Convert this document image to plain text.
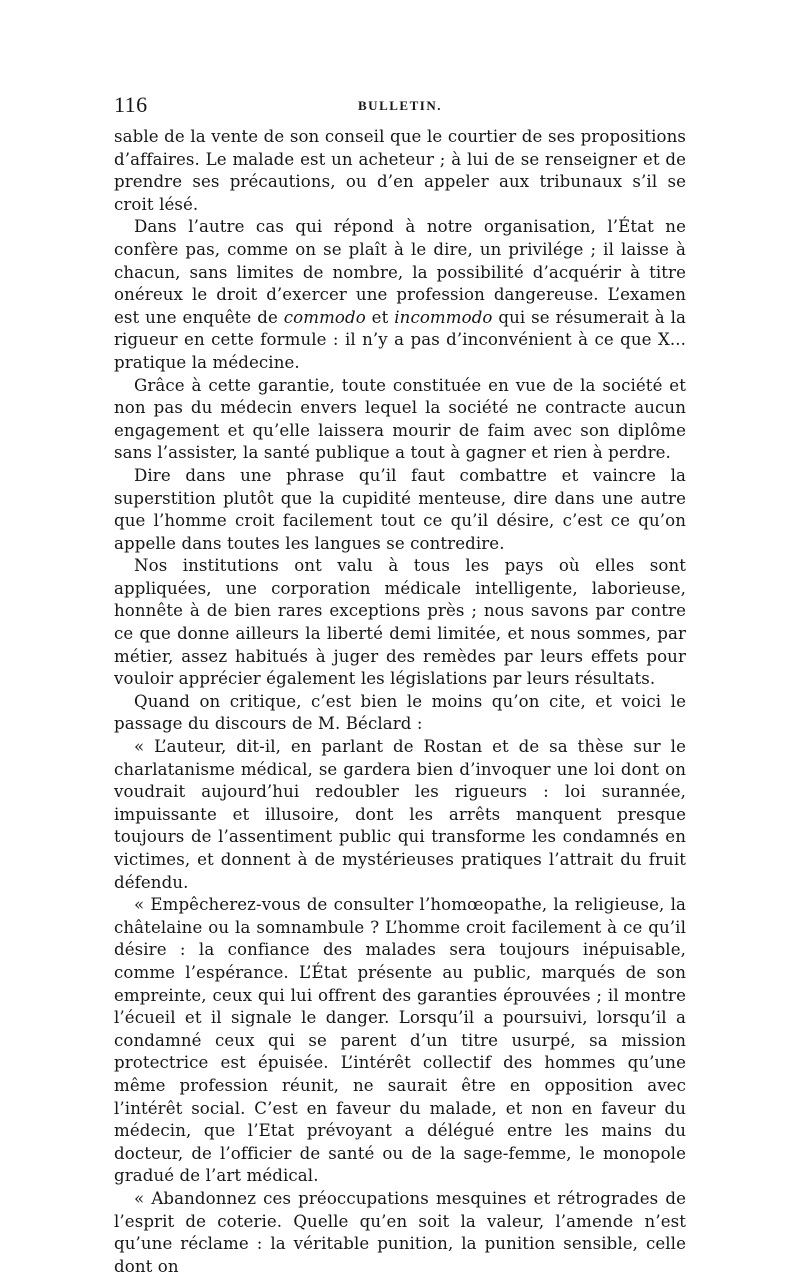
116	BULLETIN.

sable de la vente de son conseil que le courtier de ses propositions d’affaires. Le malade est un acheteur ; à lui de se renseigner et de prendre ses précautions, ou d’en appeler aux tribunaux s’il se croit lésé.

Dans l’autre cas qui répond à notre organisation, l’État ne confère pas, comme on se plaît à le dire, un privilége ; il laisse à chacun, sans limites de nombre, la possibilité d’acquérir à titre onéreux le droit d’exercer une profession dangereuse. L’examen est une enquête de commodo et incommodo qui se résumerait à la rigueur en cette formule : il n’y a pas d’inconvénient à ce que X... pratique la médecine.

Grâce à cette garantie, toute constituée en vue de la société et non pas du médecin envers lequel la société ne contracte aucun engagement et qu’elle laissera mourir de faim avec son diplôme sans l’assister, la santé publique a tout à gagner et rien à perdre.

Dire dans une phrase qu’il faut combattre et vaincre la superstition plutôt que la cupidité menteuse, dire dans une autre que l’homme croit facilement tout ce qu’il désire, c’est ce qu’on appelle dans toutes les langues se contredire.

Nos institutions ont valu à tous les pays où elles sont appliquées, une corporation médicale intelligente, laborieuse, honnête à de bien rares exceptions près ; nous savons par contre ce que donne ailleurs la liberté demi limitée, et nous sommes, par métier, assez habitués à juger des remèdes par leurs effets pour vouloir apprécier également les législations par leurs résultats.

Quand on critique, c’est bien le moins qu’on cite, et voici le passage du discours de M. Béclard :

« L’auteur, dit-il, en parlant de Rostan et de sa thèse sur le charlatanisme médical, se gardera bien d’invoquer une loi dont on voudrait aujourd’hui redoubler les rigueurs : loi surannée, impuissante et illusoire, dont les arrêts manquent presque toujours de l’assentiment public qui transforme les condamnés en victimes, et donnent à de mystérieuses pratiques l’attrait du fruit défendu.

« Empêcherez-vous de consulter l’homœopathe, la religieuse, la châtelaine ou la somnambule ? L’homme croit facilement à ce qu’il désire : la confiance des malades sera toujours inépuisable, comme l’espérance. L’État présente au public, marqués de son empreinte, ceux qui lui offrent des garanties éprouvées ; il montre l’écueil et il signale le danger. Lorsqu’il a poursuivi, lorsqu’il a condamné ceux qui se parent d’un titre usurpé, sa mission protectrice est épuisée. L’intérêt collectif des hommes qu’une même profession réunit, ne saurait être en opposition avec l’intérêt social. C’est en faveur du malade, et non en faveur du médecin, que l’Etat prévoyant a délégué entre les mains du docteur, de l’officier de santé ou de la sage-femme, le monopole gradué de l’art médical.

« Abandonnez ces préoccupations mesquines et rétrogrades de l’esprit de coterie. Quelle qu’en soit la valeur, l’amende n’est qu’une réclame : la véritable punition, la punition sensible, celle dont on
